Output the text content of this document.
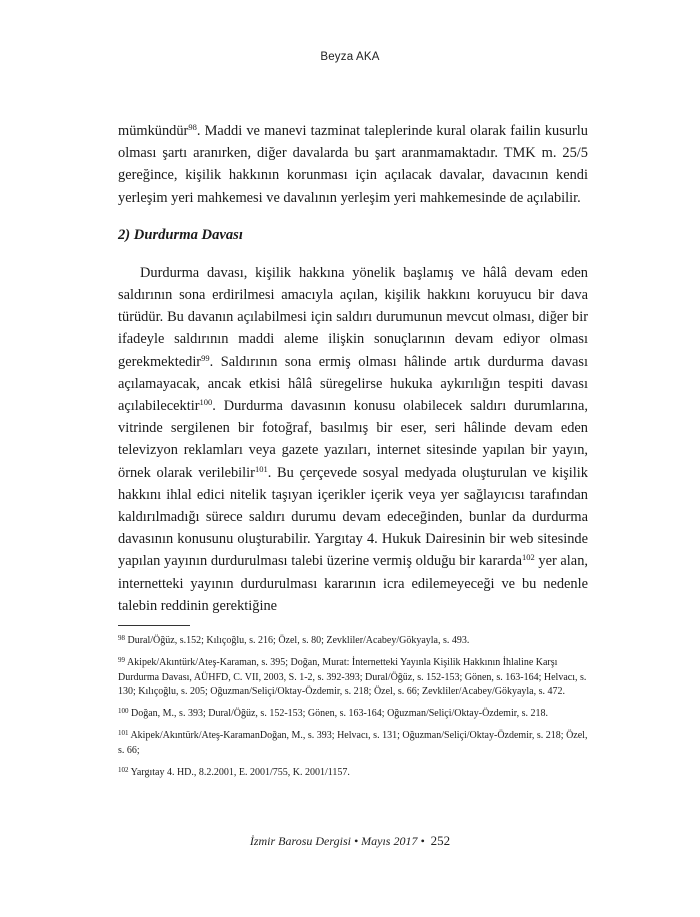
Beyza AKA

mümkündür$^{98}$. Maddi ve manevi tazminat taleplerinde kural olarak failin kusurlu olması şartı aranırken, diğer davalarda bu şart aranmamaktadır. TMK m. 25/5 gereğince, kişilik hakkının korunması için açılacak davalar, davacının kendi yerleşim yeri mahkemesi ve davalının yerleşim yeri mahkemesinde de açılabilir.

2) Durdurma Davası

Durdurma davası, kişilik hakkına yönelik başlamış ve hâlâ devam eden saldırının sona erdirilmesi amacıyla açılan, kişilik hakkını koruyucu bir dava türüdür. Bu davanın açılabilmesi için saldırı durumunun mevcut olması, diğer bir ifadeyle saldırının maddi aleme ilişkin sonuçlarının devam ediyor olması gerekmektedir$^{99}$. Saldırının sona ermiş olması hâlinde artık durdurma davası açılamayacak, ancak etkisi hâlâ süregelirse hukuka aykırılığın tespiti davası açılabilecektir$^{100}$. Durdurma davasının konusu olabilecek saldırı durumlarına, vitrinde sergilenen bir fotoğraf, basılmış bir eser, seri hâlinde devam eden televizyon reklamları veya gazete yazıları, internet sitesinde yapılan bir yayın, örnek olarak verilebilir$^{101}$. Bu çerçevede sosyal medyada oluşturulan ve kişilik hakkını ihlal edici nitelik taşıyan içerikler içerik veya yer sağlayıcısı tarafından kaldırılmadığı sürece saldırı durumu devam edeceğinden, bunlar da durdurma davasının konusunu oluşturabilir. Yargıtay 4. Hukuk Dairesinin bir web sitesinde yapılan yayının durdurulması talebi üzerine vermiş olduğu bir kararda$^{102}$ yer alan, internetteki yayının durdurulması kararının icra edilemeyeceği ve bu nedenle talebin reddinin gerektiğine

$^{98}$ Dural/Öğüz, s.152; Kılıçoğlu, s. 216; Özel, s. 80; Zevkliler/Acabey/Gökyayla, s. 493.

$^{99}$ Akipek/Akıntürk/Ateş-Karaman, s. 395; Doğan, Murat: İnternetteki Yayınla Kişilik Hakkının İhlaline Karşı Durdurma Davası, AÜHFD, C. VII, 2003, S. 1-2, s. 392-393; Dural/Öğüz, s. 152-153; Gönen, s. 163-164; Helvacı, s. 130; Kılıçoğlu, s. 205; Oğuzman/Seliçi/Oktay-Özdemir, s. 218; Özel, s. 66; Zevkliler/Acabey/Gökyayla, s. 472.

$^{100}$ Doğan, M., s. 393; Dural/Öğüz, s. 152-153; Gönen, s. 163-164; Oğuzman/Seliçi/Oktay-Özdemir, s. 218.

$^{101}$ Akipek/Akıntürk/Ateş-KaramanDoğan, M., s. 393; Helvacı, s. 131; Oğuzman/Seliçi/Oktay-Özdemir, s. 218; Özel, s. 66;

$^{102}$ Yargıtay 4. HD., 8.2.2001, E. 2001/755, K. 2001/1157.

İzmir Barosu Dergisi • Mayıs 2017 • 252
